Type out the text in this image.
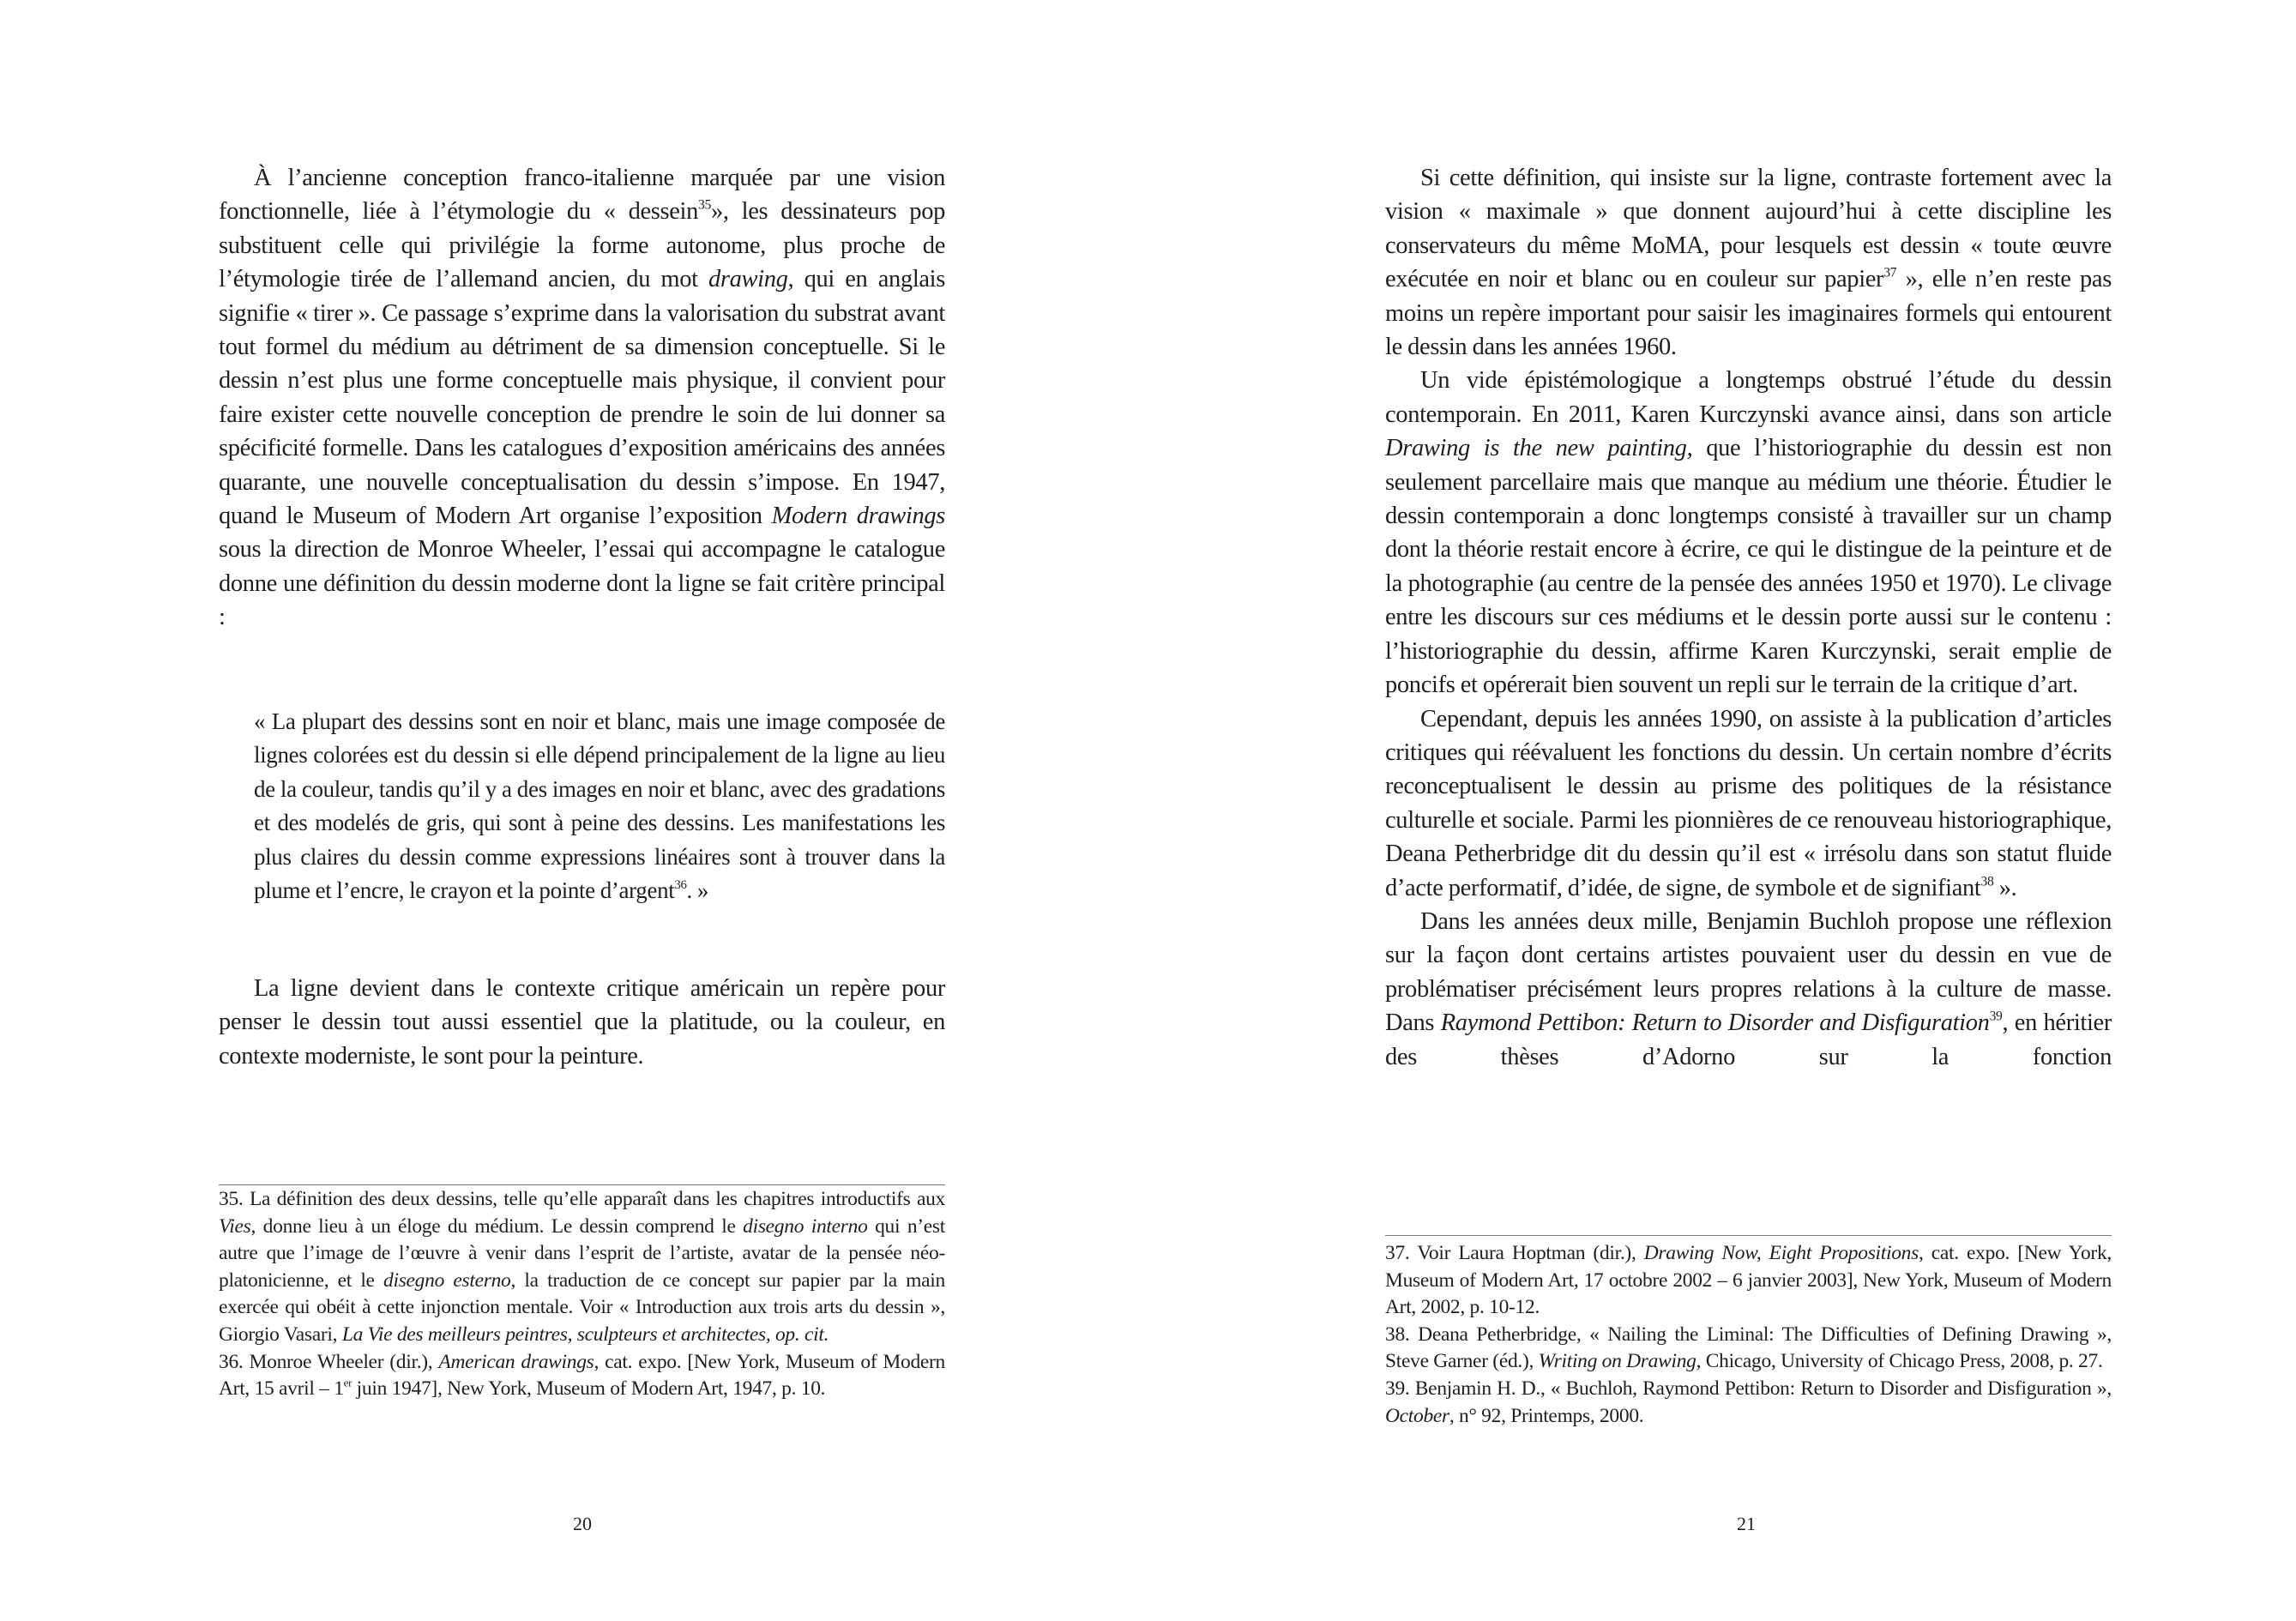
À l’ancienne conception franco-italienne marquée par une vision fonctionnelle, liée à l’étymologie du « dessein$^{35}$», les dessinateurs pop substituent celle qui privilégie la forme autonome, plus proche de l’étymologie tirée de l’allemand ancien, du mot drawing, qui en anglais signifie « tirer ». Ce passage s’exprime dans la valorisation du substrat avant tout formel du médium au détriment de sa dimension conceptuelle. Si le dessin n’est plus une forme conceptuelle mais physique, il convient pour faire exister cette nouvelle conception de prendre le soin de lui donner sa spécificité formelle. Dans les catalogues d’exposition américains des années quarante, une nouvelle conceptualisation du dessin s’impose. En 1947, quand le Museum of Modern Art organise l’exposition Modern drawings sous la direction de Monroe Wheeler, l’essai qui accompagne le catalogue donne une définition du dessin moderne dont la ligne se fait critère principal :

« La plupart des dessins sont en noir et blanc, mais une image composée de lignes colorées est du dessin si elle dépend principalement de la ligne au lieu de la couleur, tandis qu’il y a des images en noir et blanc, avec des gradations et des modelés de gris, qui sont à peine des dessins. Les manifestations les plus claires du dessin comme expressions linéaires sont à trouver dans la plume et l’encre, le crayon et la pointe d’argent$^{36}$. »

La ligne devient dans le contexte critique américain un repère pour penser le dessin tout aussi essentiel que la platitude, ou la couleur, en contexte moderniste, le sont pour la peinture.

35. La définition des deux dessins, telle qu’elle apparaît dans les chapitres introductifs aux Vies, donne lieu à un éloge du médium. Le dessin comprend le disegno interno qui n’est autre que l’image de l’œuvre à venir dans l’esprit de l’artiste, avatar de la pensée néo-platonicienne, et le disegno esterno, la traduction de ce concept sur papier par la main exercée qui obéit à cette injonction mentale. Voir « Introduction aux trois arts du dessin », Giorgio Vasari, La Vie des meilleurs peintres, sculpteurs et architectes, op. cit.

36. Monroe Wheeler (dir.), American drawings, cat. expo. [New York, Museum of Modern Art, 15 avril – 1er juin 1947], New York, Museum of Modern Art, 1947, p. 10.

20

Si cette définition, qui insiste sur la ligne, contraste fortement avec la vision « maximale » que donnent aujourd’hui à cette discipline les conservateurs du même MoMA, pour lesquels est dessin « toute œuvre exécutée en noir et blanc ou en couleur sur papier$^{37}$ », elle n’en reste pas moins un repère important pour saisir les imaginaires formels qui entourent le dessin dans les années 1960.

Un vide épistémologique a longtemps obstrué l’étude du dessin contemporain. En 2011, Karen Kurczynski avance ainsi, dans son article Drawing is the new painting, que l’historiographie du dessin est non seulement parcellaire mais que manque au médium une théorie. Étudier le dessin contemporain a donc longtemps consisté à travailler sur un champ dont la théorie restait encore à écrire, ce qui le distingue de la peinture et de la photographie (au centre de la pensée des années 1950 et 1970). Le clivage entre les discours sur ces médiums et le dessin porte aussi sur le contenu : l’historiographie du dessin, affirme Karen Kurczynski, serait emplie de poncifs et opérerait bien souvent un repli sur le terrain de la critique d’art.

Cependant, depuis les années 1990, on assiste à la publication d’articles critiques qui réévaluent les fonctions du dessin. Un certain nombre d’écrits reconceptualisent le dessin au prisme des politiques de la résistance culturelle et sociale. Parmi les pionnières de ce renouveau historiographique, Deana Petherbridge dit du dessin qu’il est « irrésolu dans son statut fluide d’acte performatif, d’idée, de signe, de symbole et de signifiant$^{38}$ ».

Dans les années deux mille, Benjamin Buchloh propose une réflexion sur la façon dont certains artistes pouvaient user du dessin en vue de problématiser précisément leurs propres relations à la culture de masse. Dans Raymond Pettibon: Return to Disorder and Disfiguration$^{39}$, en héritier des thèses d’Adorno sur la fonction

37. Voir Laura Hoptman (dir.), Drawing Now, Eight Propositions, cat. expo. [New York, Museum of Modern Art, 17 octobre 2002 – 6 janvier 2003], New York, Museum of Modern Art, 2002, p. 10-12.

38. Deana Petherbridge, « Nailing the Liminal: The Difficulties of Defining Drawing », Steve Garner (éd.), Writing on Drawing, Chicago, University of Chicago Press, 2008, p. 27.

39. Benjamin H. D., « Buchloh, Raymond Pettibon: Return to Disorder and Disfiguration », October, n° 92, Printemps, 2000.

21
